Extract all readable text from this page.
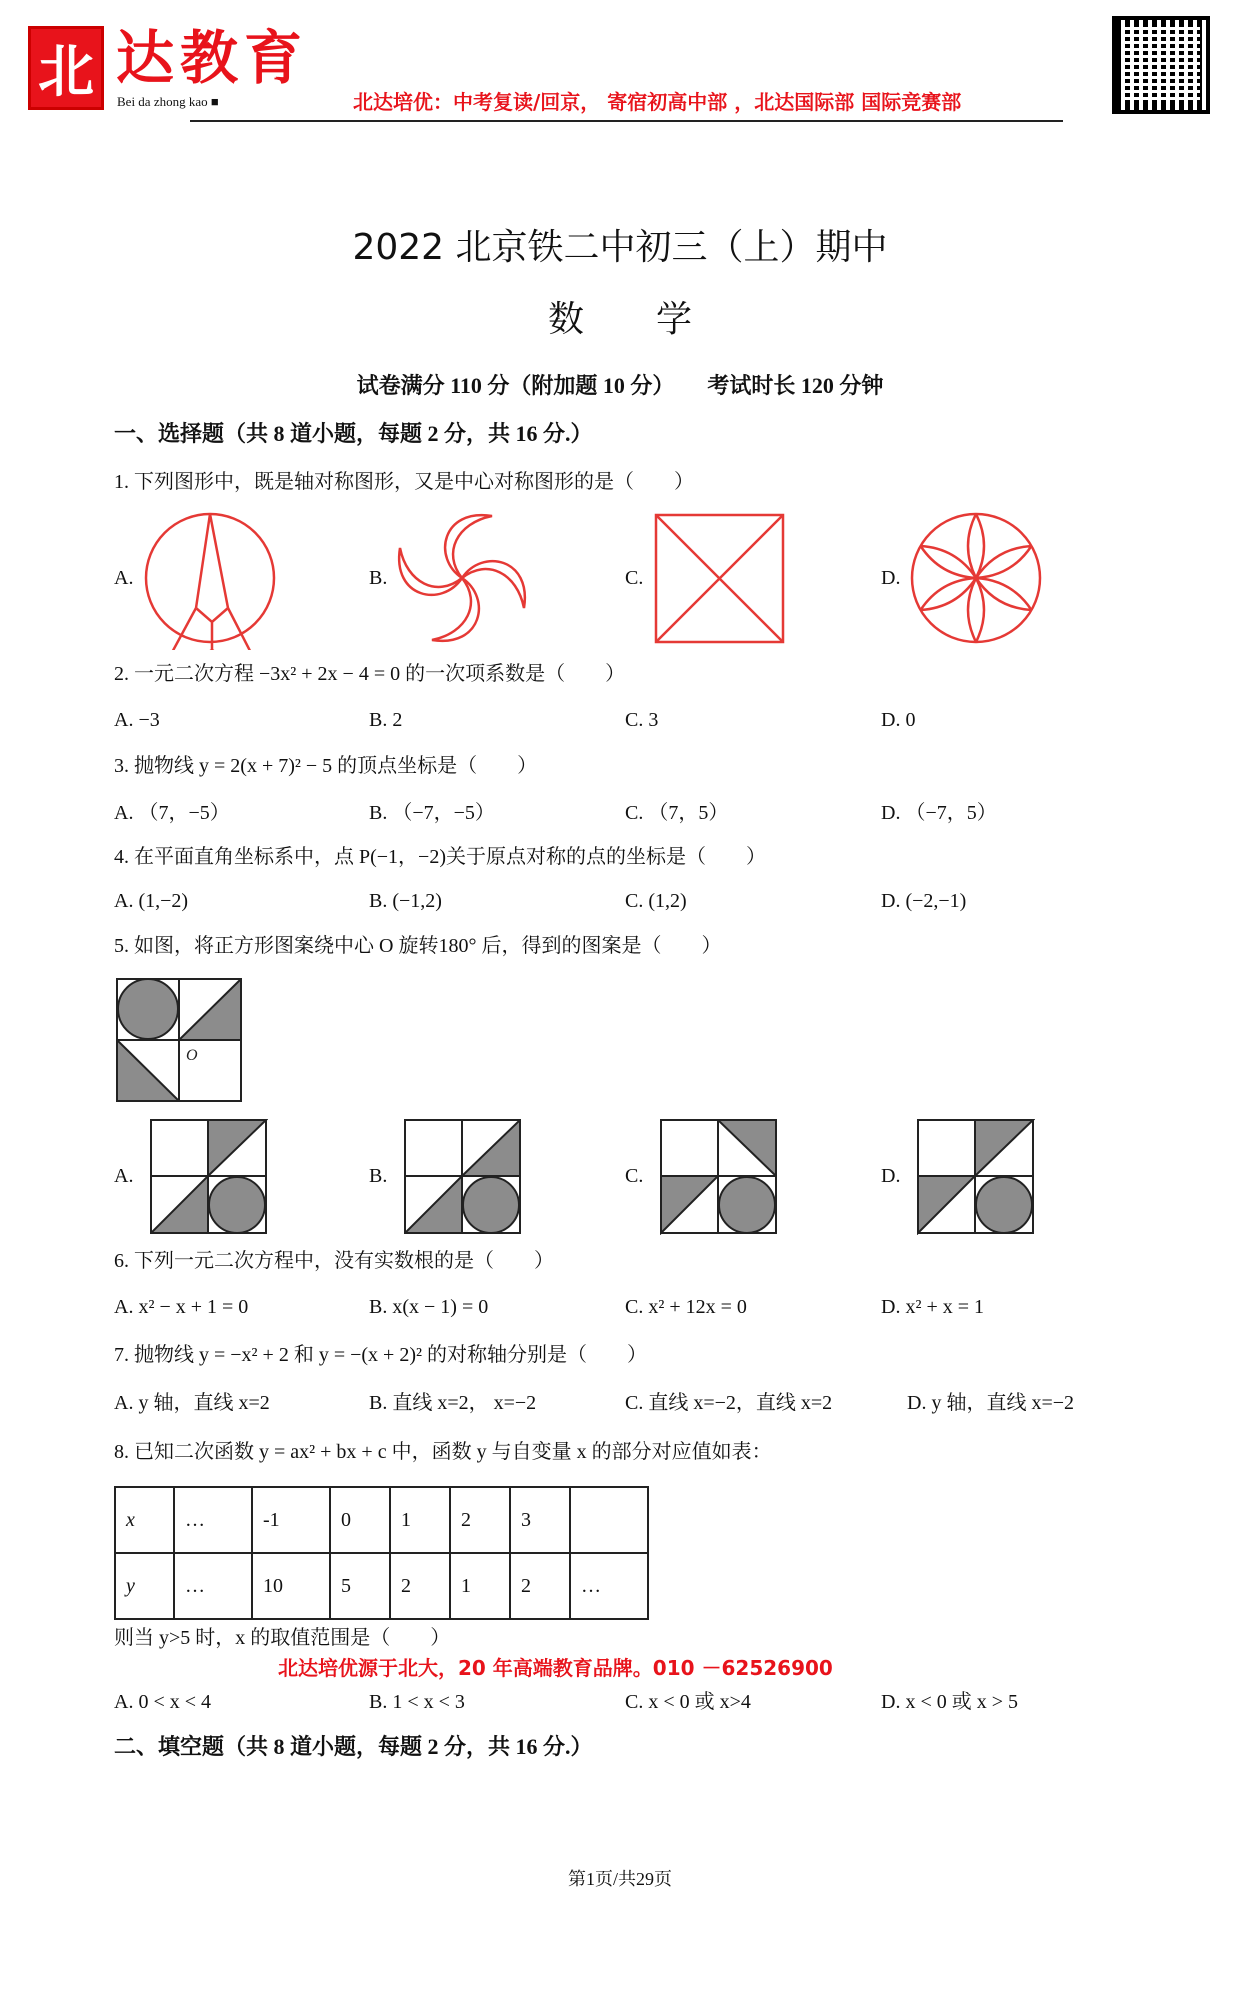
北 达教育
Bei da zhong kao ■	北达培优：中考复读/回京， 寄宿初高中部 ，北达国际部 国际竞赛部
2022 北京铁二中初三（上）期中
数　　学
试卷满分 110 分（附加题 10 分）　　考试时长 120 分钟
一、选择题（共 8 道小题，每题 2 分，共 16 分.）
1. 下列图形中，既是轴对称图形，又是中心对称图形的是（　　）
A.	B.	C.	D.
2. 一元二次方程 −3x² + 2x − 4 = 0 的一次项系数是（　　）
A. −3	B. 2	C. 3	D. 0
3. 抛物线 y = 2(x + 7)² − 5 的顶点坐标是（　　）
A. （7，−5）	B. （−7，−5）	C. （7，5）	D. （−7，5）
4. 在平面直角坐标系中，点 P(−1，−2)关于原点对称的点的坐标是（　　）
A. (1,−2)	B. (−1,2)	C. (1,2)	D. (−2,−1)
5. 如图，将正方形图案绕中心 O 旋转180° 后，得到的图案是（　　）
O
A.	B.	C.	D.
6. 下列一元二次方程中，没有实数根的是（　　）
A. x² − x + 1 = 0	B. x(x − 1) = 0	C. x² + 12x = 0	D. x² + x = 1
7. 抛物线 y = −x² + 2 和 y = −(x + 2)² 的对称轴分别是（　　）
A. y 轴，直线 x=2	B. 直线 x=2， x=−2	C. 直线 x=−2，直线 x=2	D. y 轴，直线 x=−2
8. 已知二次函数 y = ax² + bx + c 中，函数 y 与自变量 x 的部分对应值如表：
x	…	-1	0	1	2	3	
y	…	10	5	2	1	2	…
则当 y>5 时，x 的取值范围是（　　）
北达培优源于北大，20 年高端教育品牌。010 －62526900
A. 0 < x < 4	B. 1 < x < 3	C. x < 0 或 x>4	D. x < 0 或 x > 5
二、填空题（共 8 道小题，每题 2 分，共 16 分.）
第1页/共29页
